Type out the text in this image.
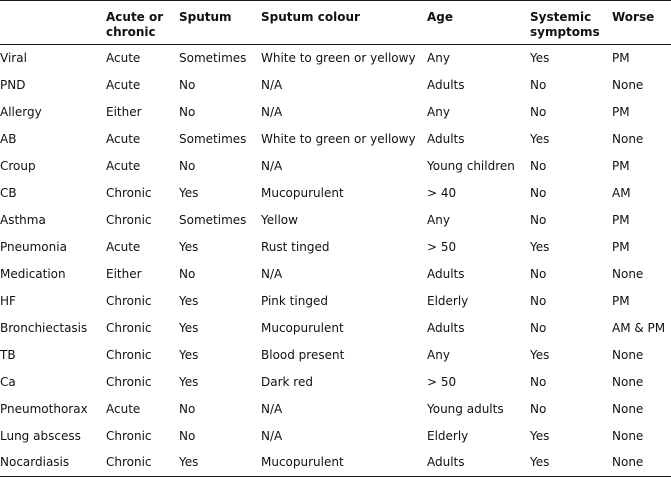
	Acute or chronic	Sputum	Sputum colour	Age	Systemic symptoms	Worse
Viral	Acute	Sometimes	White to green or yellowy	Any	Yes	PM
PND	Acute	No	N/A	Adults	No	None
Allergy	Either	No	N/A	Any	No	PM
AB	Acute	Sometimes	White to green or yellowy	Adults	Yes	None
Croup	Acute	No	N/A	Young children	No	PM
CB	Chronic	Yes	Mucopurulent	> 40	No	AM
Asthma	Chronic	Sometimes	Yellow	Any	No	PM
Pneumonia	Acute	Yes	Rust tinged	> 50	Yes	PM
Medication	Either	No	N/A	Adults	No	None
HF	Chronic	Yes	Pink tinged	Elderly	No	PM
Bronchiectasis	Chronic	Yes	Mucopurulent	Adults	No	AM & PM
TB	Chronic	Yes	Blood present	Any	Yes	None
Ca	Chronic	Yes	Dark red	> 50	No	None
Pneumothorax	Acute	No	N/A	Young adults	No	None
Lung abscess	Chronic	No	N/A	Elderly	Yes	None
Nocardiasis	Chronic	Yes	Mucopurulent	Adults	Yes	None
